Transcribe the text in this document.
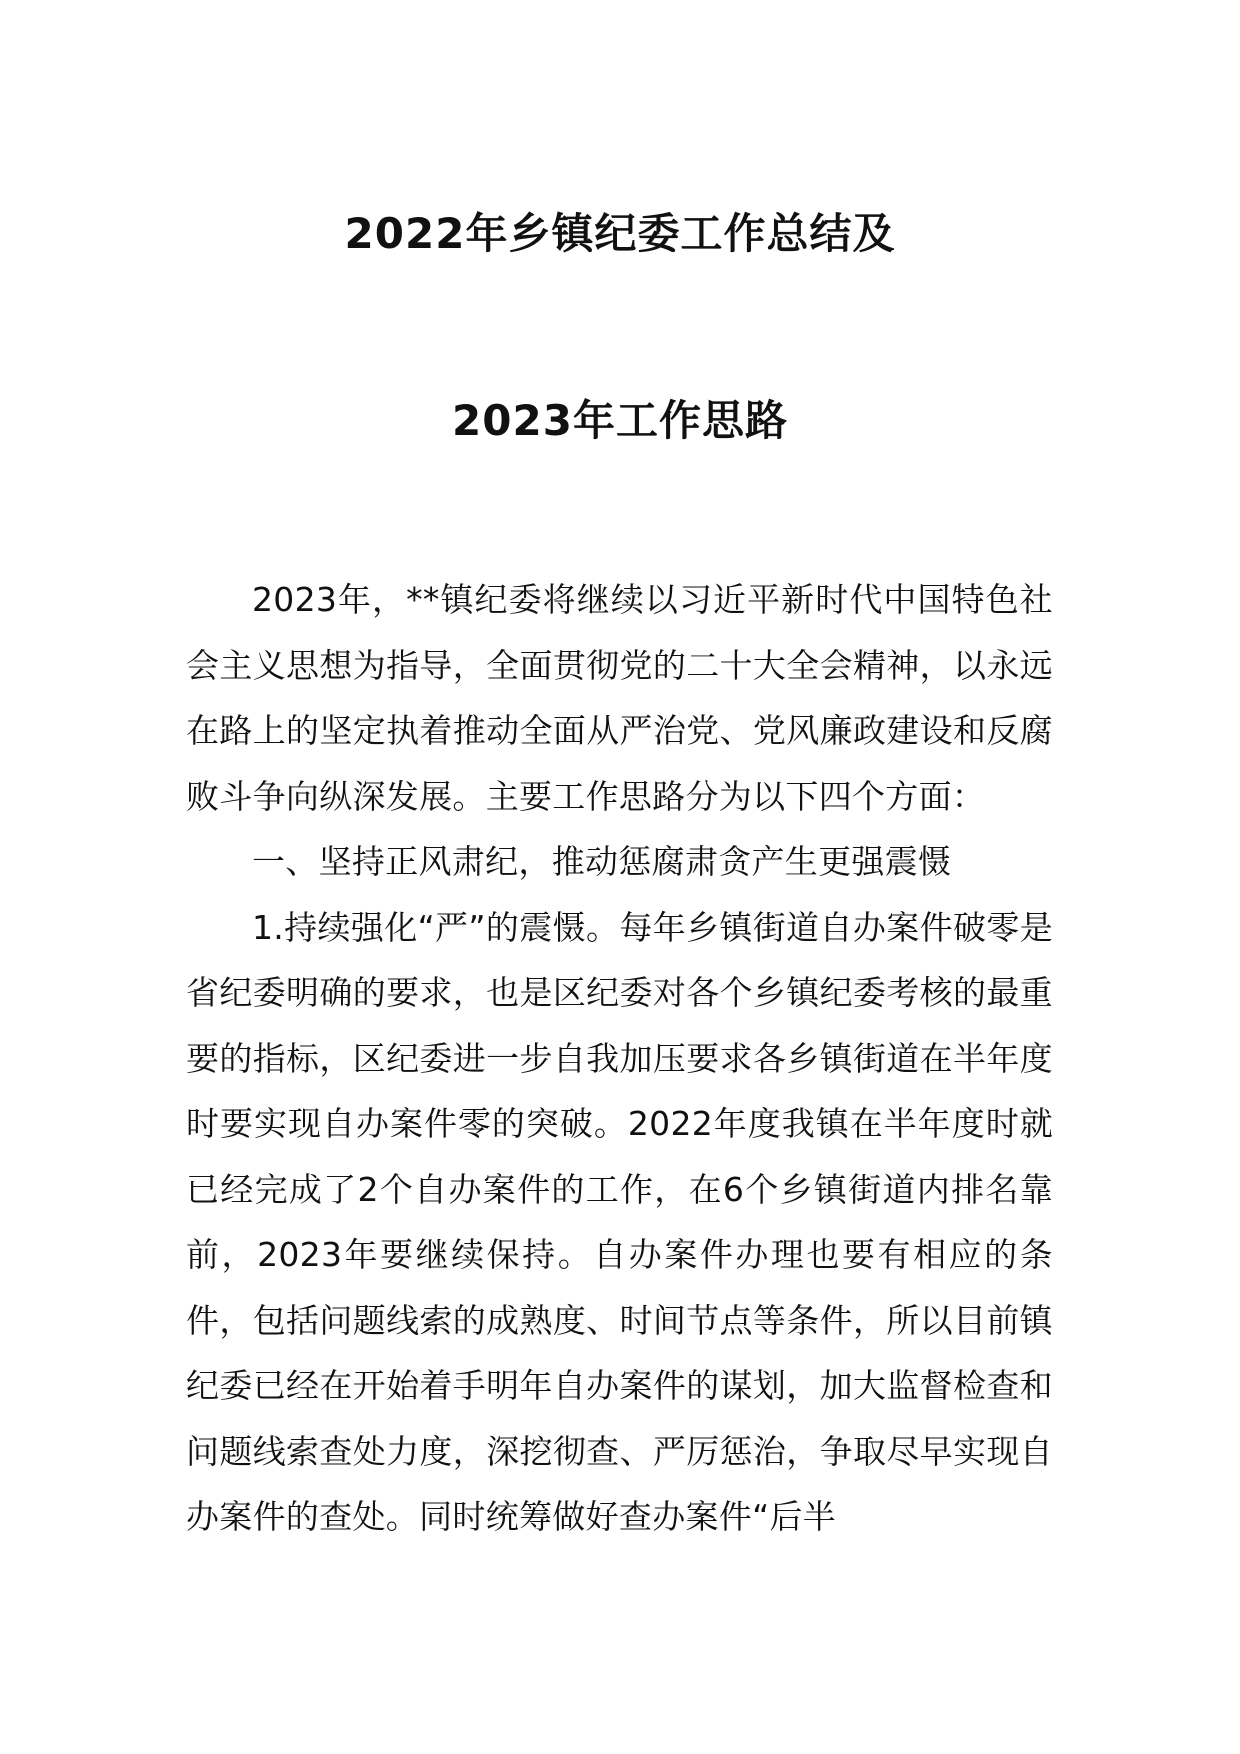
2022年乡镇纪委工作总结及
2023年工作思路

2023年，**镇纪委将继续以习近平新时代中国特色社会主义思想为指导，全面贯彻党的二十大全会精神，以永远在路上的坚定执着推动全面从严治党、党风廉政建设和反腐败斗争向纵深发展。主要工作思路分为以下四个方面：

一、坚持正风肃纪，推动惩腐肃贪产生更强震慑

1.持续强化“严”的震慑。每年乡镇街道自办案件破零是省纪委明确的要求，也是区纪委对各个乡镇纪委考核的最重要的指标，区纪委进一步自我加压要求各乡镇街道在半年度时要实现自办案件零的突破。2022年度我镇在半年度时就已经完成了2个自办案件的工作，在6个乡镇街道内排名靠前，2023年要继续保持。自办案件办理也要有相应的条件，包括问题线索的成熟度、时间节点等条件，所以目前镇纪委已经在开始着手明年自办案件的谋划，加大监督检查和问题线索查处力度，深挖彻查、严厉惩治，争取尽早实现自办案件的查处。同时统筹做好查办案件“后半
